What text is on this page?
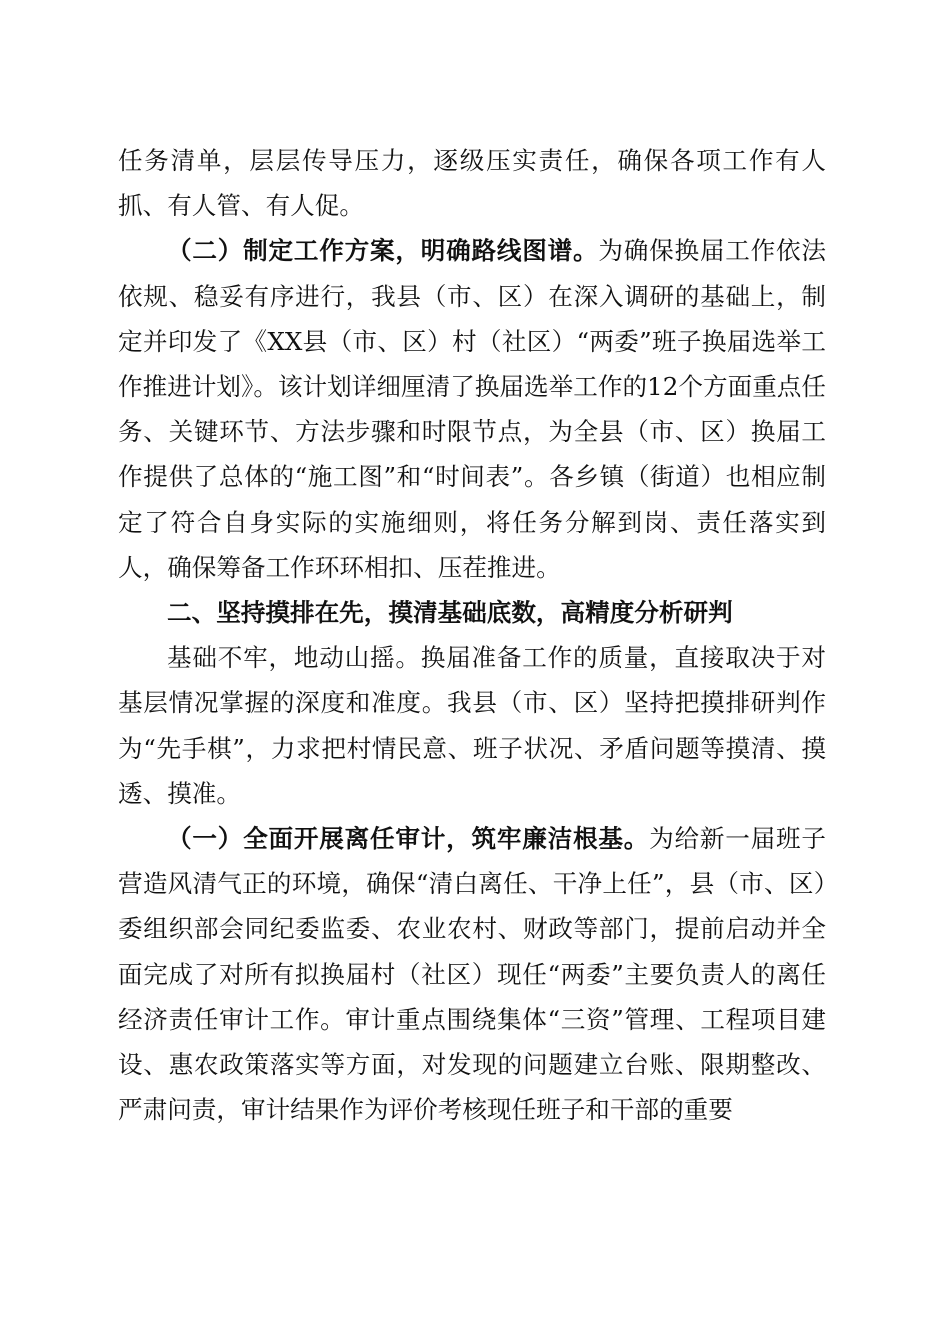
任务清单，层层传导压力，逐级压实责任，确保各项工作有人抓、有人管、有人促。

（二）制定工作方案，明确路线图谱。为确保换届工作依法依规、稳妥有序进行，我县（市、区）在深入调研的基础上，制定并印发了《XX县（市、区）村（社区）“两委”班子换届选举工作推进计划》。该计划详细厘清了换届选举工作的12个方面重点任务、关键环节、方法步骤和时限节点，为全县（市、区）换届工作提供了总体的“施工图”和“时间表”。各乡镇（街道）也相应制定了符合自身实际的实施细则，将任务分解到岗、责任落实到人，确保筹备工作环环相扣、压茬推进。

二、坚持摸排在先，摸清基础底数，高精度分析研判

基础不牢，地动山摇。换届准备工作的质量，直接取决于对基层情况掌握的深度和准度。我县（市、区）坚持把摸排研判作为“先手棋”，力求把村情民意、班子状况、矛盾问题等摸清、摸透、摸准。

（一）全面开展离任审计，筑牢廉洁根基。为给新一届班子营造风清气正的环境，确保“清白离任、干净上任”，县（市、区）委组织部会同纪委监委、农业农村、财政等部门，提前启动并全面完成了对所有拟换届村（社区）现任“两委”主要负责人的离任经济责任审计工作。审计重点围绕集体“三资”管理、工程项目建设、惠农政策落实等方面，对发现的问题建立台账、限期整改、严肃问责，审计结果作为评价考核现任班子和干部的重要
